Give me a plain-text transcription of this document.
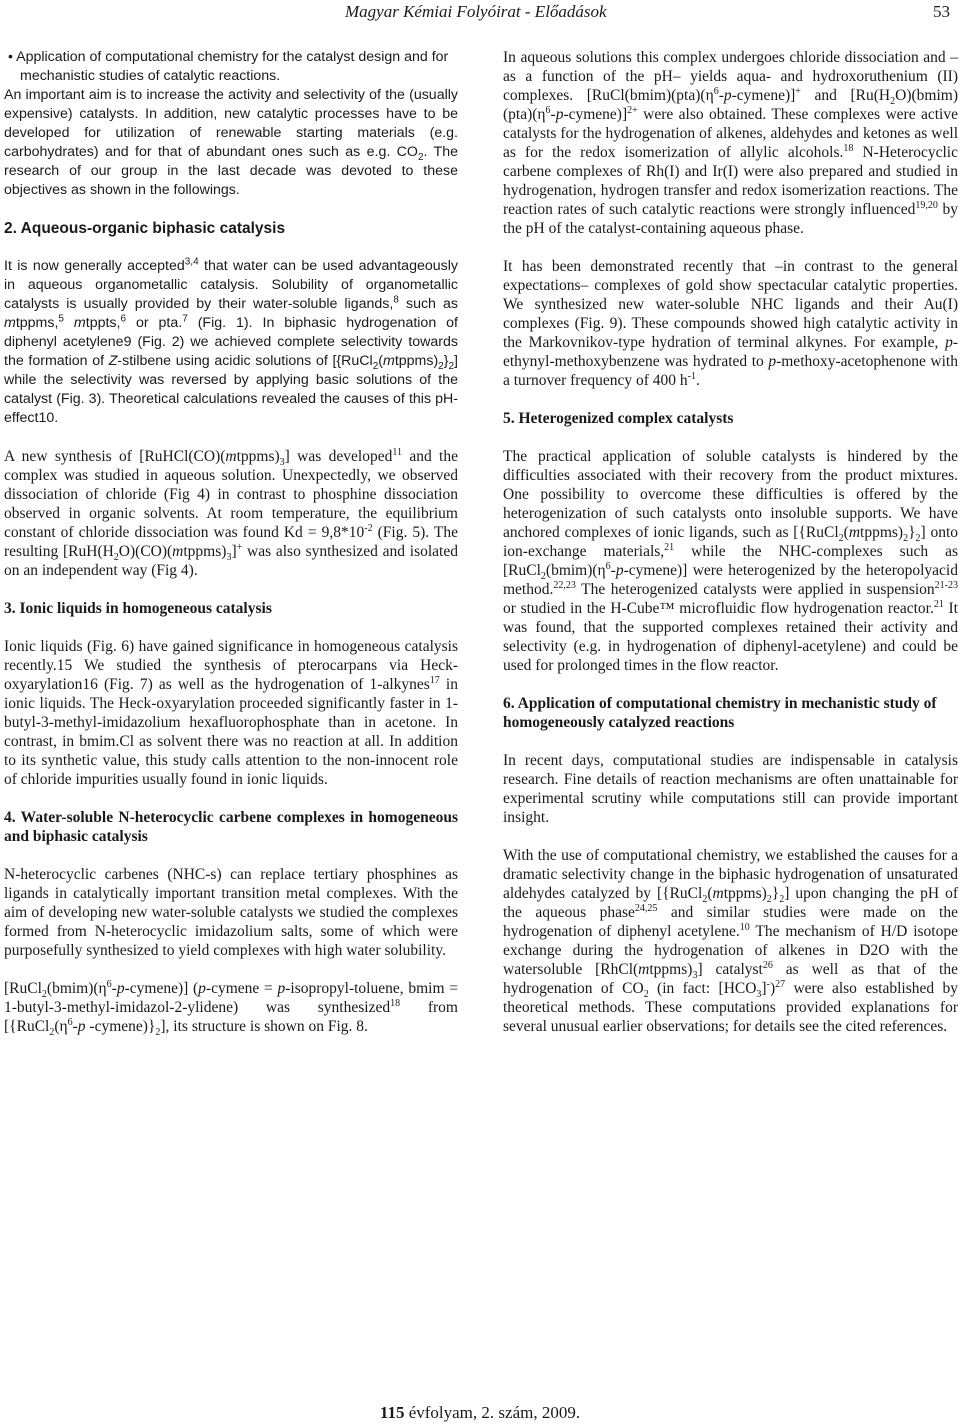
Magyar Kémiai Folyóirat - Előadások	53

• Application of computational chemistry for the catalyst design and for mechanistic studies of catalytic reactions.

An important aim is to increase the activity and selectivity of the (usually expensive) catalysts. In addition, new catalytic processes have to be developed for utilization of renewable starting materials (e.g. carbohydrates) and for that of abundant ones such as e.g. $CO_2$. The research of our group in the last decade was devoted to these objectives as shown in the followings.

2. Aqueous-organic biphasic catalysis

It is now generally accepted$^{3,4}$ that water can be used advantageously in aqueous organometallic catalysis. Solubility of organometallic catalysts is usually provided by their water-soluble ligands,$^8$ such as mtppms,$^5$ mtppts,$^6$ or pta.$^7$ (Fig. 1). In biphasic hydrogenation of diphenyl acetylene9 (Fig. 2) we achieved complete selectivity towards the formation of Z-stilbene using acidic solutions of $[\{RuCl_2(mtppms)_2\}_2]$ while the selectivity was reversed by applying basic solutions of the catalyst (Fig. 3). Theoretical calculations revealed the causes of this pH-effect10.

A new synthesis of $[RuHCl(CO)(mtppms)_3]$ was developed$^{11}$ and the complex was studied in aqueous solution. Unexpectedly, we observed dissociation of chloride (Fig 4) in contrast to phosphine dissociation observed in organic solvents. At room temperature, the equilibrium constant of chloride dissociation was found $Kd = 9,8*10^{-2}$ (Fig. 5). The resulting $[RuH(H_2O)(CO)(mtppms)_3]^+$ was also synthesized and isolated on an independent way (Fig 4).

3. Ionic liquids in homogeneous catalysis

Ionic liquids (Fig. 6) have gained significance in homogeneous catalysis recently.15 We studied the synthesis of pterocarpans via Heck-oxyarylation16 (Fig. 7) as well as the hydrogenation of 1-alkynes$^{17}$ in ionic liquids. The Heck-oxyarylation proceeded significantly faster in 1-butyl-3-methyl-imidazolium hexafluorophosphate than in acetone. In contrast, in bmim.Cl as solvent there was no reaction at all. In addition to its synthetic value, this study calls attention to the non-innocent role of chloride impurities usually found in ionic liquids.

4. Water-soluble N-heterocyclic carbene complexes in homogeneous and biphasic catalysis

N-heterocyclic carbenes (NHC-s) can replace tertiary phosphines as ligands in catalytically important transition metal complexes. With the aim of developing new water-soluble catalysts we studied the complexes formed from N-heterocyclic imidazolium salts, some of which were purposefully synthesized to yield complexes with high water solubility.

$[RuCl_2(bmim)(\eta^6-p-cymene)]$ (p-cymene = p-isopropyl-toluene, bmim = 1-butyl-3-methyl-imidazol-2-ylidene) was synthesized$^{18}$ from [{$RuCl_2(\eta^6-p$ $-cymene)\}_2$], its structure is shown on Fig. 8.

In aqueous solutions this complex undergoes chloride dissociation and –as a function of the pH– yields aqua- and hydroxoruthenium (II) complexes. $[RuCl(bmim)(pta)(\eta^6-p-cymene)]^+$ and $[Ru(H_2O)(bmim)(pta)(\eta^6-p-cymene)]^{2+}$ were also obtained. These complexes were active catalysts for the hydrogenation of alkenes, aldehydes and ketones as well as for the redox isomerization of allylic alcohols.$^{18}$ N-Heterocyclic carbene complexes of Rh(I) and Ir(I) were also prepared and studied in hydrogenation, hydrogen transfer and redox isomerization reactions. The reaction rates of such catalytic reactions were strongly influenced$^{19,20}$ by the pH of the catalyst-containing aqueous phase.

It has been demonstrated recently that –in contrast to the general expectations– complexes of gold show spectacular catalytic properties. We synthesized new water-soluble NHC ligands and their Au(I) complexes (Fig. 9). These compounds showed high catalytic activity in the Markovnikov-type hydration of terminal alkynes. For example, p-ethynyl-methoxybenzene was hydrated to p-methoxy-acetophenone with a turnover frequency of 400 $h^{-1}$.

5. Heterogenized complex catalysts

The practical application of soluble catalysts is hindered by the difficulties associated with their recovery from the product mixtures. One possibility to overcome these difficulties is offered by the heterogenization of such catalysts onto insoluble supports. We have anchored complexes of ionic ligands, such as $[\{RuCl_2(mtppms)_2\}_2]$ onto ion-exchange materials,$^{21}$ while the NHC-complexes such as $[RuCl_2(bmim)(\eta^6-p-cymene)]$ were heterogenized by the heteropolyacid method.$^{22,23}$ The heterogenized catalysts were applied in suspension$^{21-23}$ or studied in the H-Cube™ microfluidic flow hydrogenation reactor.$^{21}$ It was found, that the supported complexes retained their activity and selectivity (e.g. in hydrogenation of diphenyl-acetylene) and could be used for prolonged times in the flow reactor.

6. Application of computational chemistry in mechanistic study of homogeneously catalyzed reactions

In recent days, computational studies are indispensable in catalysis research. Fine details of reaction mechanisms are often unattainable for experimental scrutiny while computations still can provide important insight.

With the use of computational chemistry, we established the causes for a dramatic selectivity change in the biphasic hydrogenation of unsaturated aldehydes catalyzed by $[\{RuCl_2(mtppms)_2\}_2]$ upon changing the pH of the aqueous phase$^{24,25}$ and similar studies were made on the hydrogenation of diphenyl acetylene.$^{10}$ The mechanism of H/D isotope exchange during the hydrogenation of alkenes in D2O with the watersoluble $[RhCl(mtppms)_3]$ catalyst$^{26}$ as well as that of the hydrogenation of $CO_2$ (in fact: $[HCO_3]^-)^{27}$ were also established by theoretical methods. These computations provided explanations for several unusual earlier observations; for details see the cited references.

115 évfolyam, 2. szám, 2009.
